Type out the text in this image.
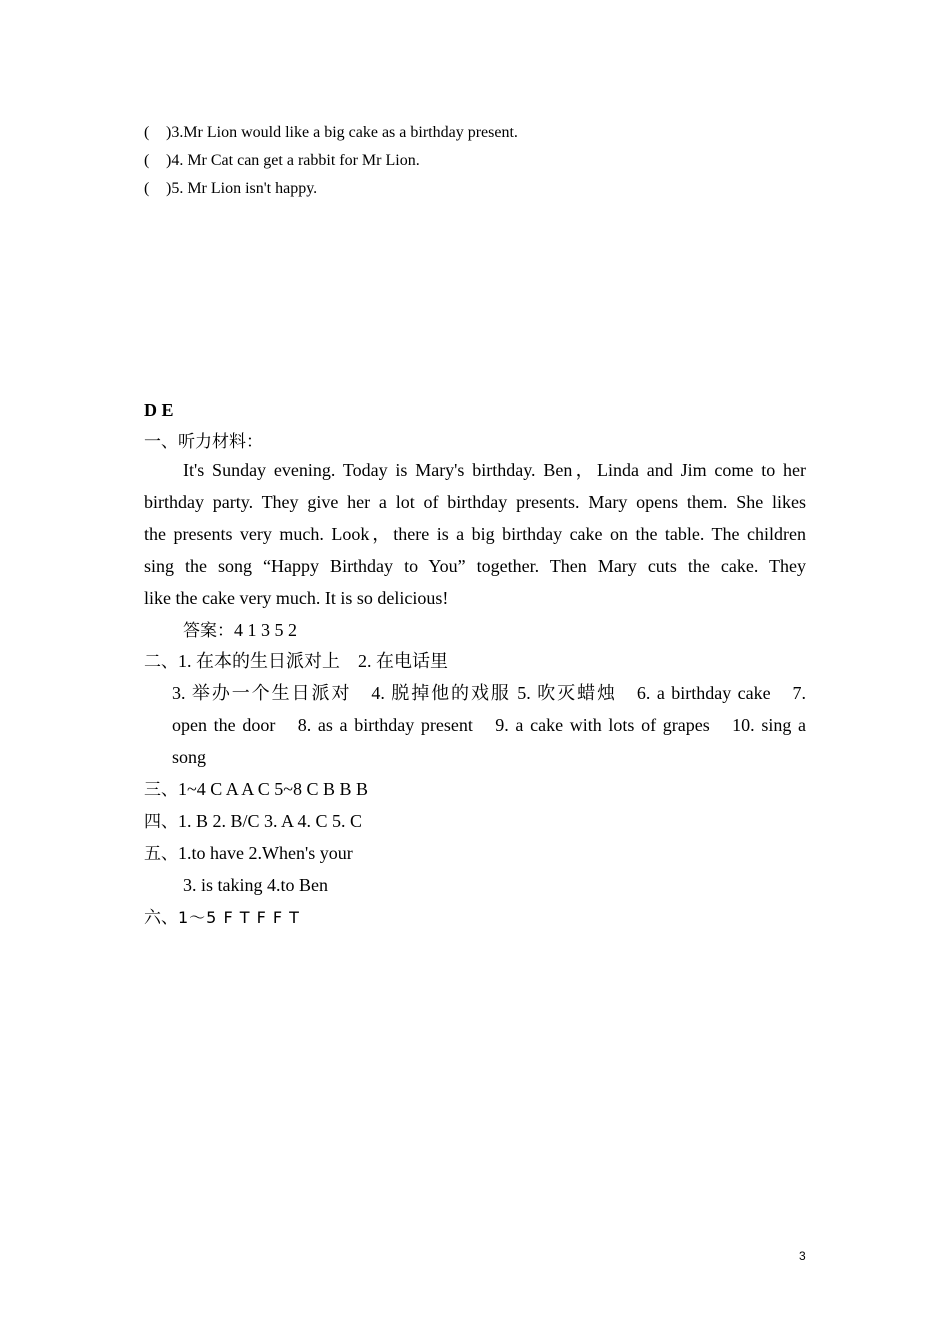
( )3.Mr Lion would like a big cake as a birthday present.
( )4. Mr Cat can get a rabbit for Mr Lion.
( )5. Mr Lion isn't happy.
D E
一、听力材料：
It's Sunday evening. Today is Mary's birthday. Ben，Linda and Jim come to her
birthday party. They give her a lot of birthday presents. Mary opens them. She likes
the presents very much. Look，there is a big birthday cake on the table. The children
sing the song “Happy Birthday to You” together. Then Mary cuts the cake. They
like the cake very much. It is so delicious!
答案：4 1 3 5 2
二、1. 在本的生日派对上　2. 在电话里
3. 举办一个生日派对　4. 脱掉他的戏服 5. 吹灭蜡烛　6. a birthday cake　7.
open the door　8. as a birthday present　9. a cake with lots of grapes　10. sing a
song
三、1~4 C A A C 5~8 C B B B
四、1. B 2. B/C 3. A 4. C 5. C
五、1.to have 2.When's your
3. is taking 4.to Ben
六、1～5 F T F F T
3
